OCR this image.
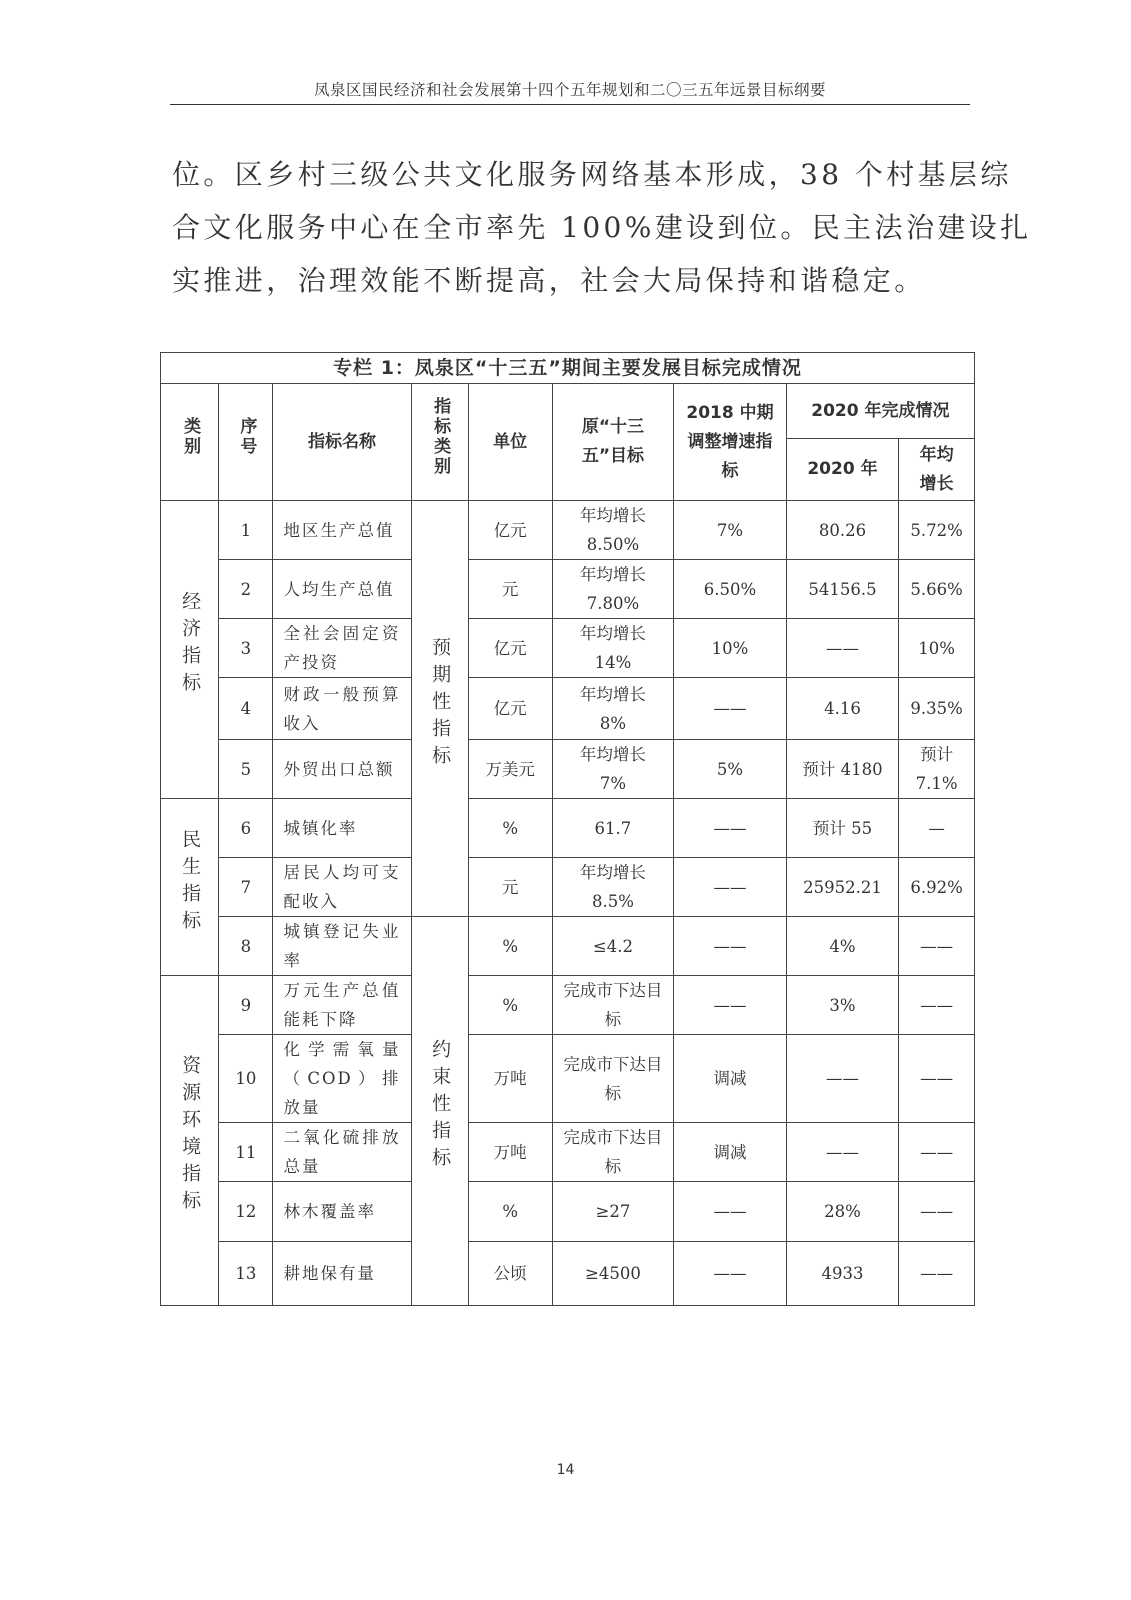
凤泉区国民经济和社会发展第十四个五年规划和二〇三五年远景目标纲要
位。区乡村三级公共文化服务网络基本形成，38 个村基层综
合文化服务中心在全市率先 100%建设到位。民主法治建设扎
实推进，治理效能不断提高，社会大局保持和谐稳定。
专栏 1：凤泉区“十三五”期间主要发展目标完成情况								
类别	序号	指标名称	指标类别	单位	原“十三五”目标	2018 中期调整增速指标	2020 年完成情况	
							2020 年	年均增长
经济指标	1	地区生产总值	预期性指标	亿元	年均增长 8.50%	7%	80.26	5.72%
	2	人均生产总值		元	年均增长 7.80%	6.50%	54156.5	5.66%
	3	全社会固定资产投资		亿元	年均增长 14%	10%	——	10%
	4	财政一般预算收入		亿元	年均增长 8%	——	4.16	9.35%
	5	外贸出口总额		万美元	年均增长 7%	5%	预计 4180	预计 7.1%
民生指标	6	城镇化率		%	61.7	——	预计 55	—
	7	居民人均可支配收入		元	年均增长 8.5%	——	25952.21	6.92%
	8	城镇登记失业率	约束性指标	%	≤4.2	——	4%	——
资源环境指标	9	万元生产总值能耗下降		%	完成市下达目标	——	3%	——
	10	化学需氧量（COD）排放量		万吨	完成市下达目标	调减	——	——
	11	二氧化硫排放总量		万吨	完成市下达目标	调减	——	——
	12	林木覆盖率		%	≥27	——	28%	——
	13	耕地保有量		公顷	≥4500	——	4933	——
14
